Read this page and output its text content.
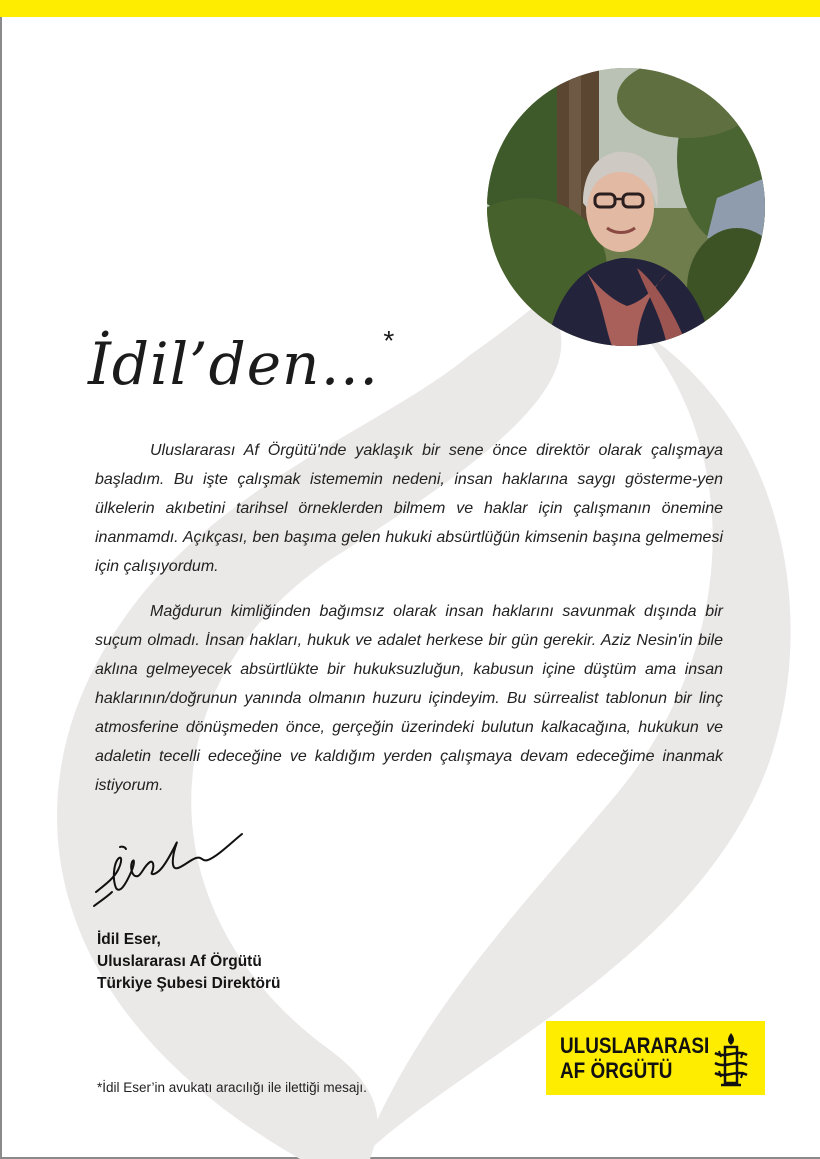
İdil’den… *

Uluslararası Af Örgütü'nde yaklaşık bir sene önce direktör olarak çalışmaya başladım. Bu işte çalışmak istememin nedeni, insan haklarına saygı gösterme-yen ülkelerin akıbetini tarihsel örneklerden bilmem ve haklar için çalışmanın önemine inanmamdı. Açıkçası, ben başıma gelen hukuki absürtlüğün kimsenin başına gelmemesi için çalışıyordum.

Mağdurun kimliğinden bağımsız olarak insan haklarını savunmak dışında bir suçum olmadı. İnsan hakları, hukuk ve adalet herkese bir gün gerekir. Aziz Nesin'in bile aklına gelmeyecek absürtlükte bir hukuksuzluğun, kabusun içine düştüm ama insan haklarının/doğrunun yanında olmanın huzuru içindeyim. Bu sürrealist tablonun bir linç atmosferine dönüşmeden önce, gerçeğin üzerindeki bulutun kalkacağına, hukukun ve adaletin tecelli edeceğine ve kaldığım yerden çalışmaya devam edeceğime inanmak istiyorum.

İdil Eser,
Uluslararası Af Örgütü
Türkiye Şubesi Direktörü
ULUSLARARASI
AF ÖRGÜTÜ
*İdil Eser’in avukatı aracılığı ile ilettiği mesajı.
